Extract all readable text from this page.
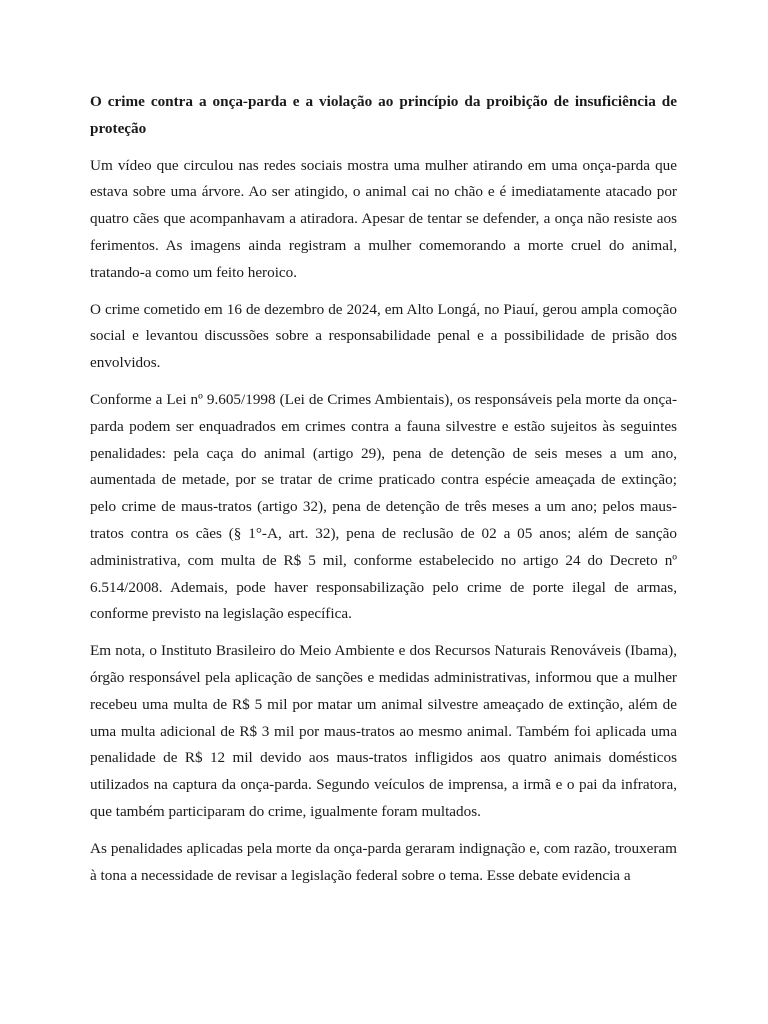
O crime contra a onça-parda e a violação ao princípio da proibição de insuficiência de proteção

Um vídeo que circulou nas redes sociais mostra uma mulher atirando em uma onça-parda que estava sobre uma árvore. Ao ser atingido, o animal cai no chão e é imediatamente atacado por quatro cães que acompanhavam a atiradora. Apesar de tentar se defender, a onça não resiste aos ferimentos. As imagens ainda registram a mulher comemorando a morte cruel do animal, tratando-a como um feito heroico.

O crime cometido em 16 de dezembro de 2024, em Alto Longá, no Piauí, gerou ampla comoção social e levantou discussões sobre a responsabilidade penal e a possibilidade de prisão dos envolvidos.

Conforme a Lei nº 9.605/1998 (Lei de Crimes Ambientais), os responsáveis pela morte da onça-parda podem ser enquadrados em crimes contra a fauna silvestre e estão sujeitos às seguintes penalidades: pela caça do animal (artigo 29), pena de detenção de seis meses a um ano, aumentada de metade, por se tratar de crime praticado contra espécie ameaçada de extinção; pelo crime de maus-tratos (artigo 32), pena de detenção de três meses a um ano; pelos maus-tratos contra os cães (§ 1°-A, art. 32), pena de reclusão de 02 a 05 anos; além de sanção administrativa, com multa de R$ 5 mil, conforme estabelecido no artigo 24 do Decreto nº 6.514/2008. Ademais, pode haver responsabilização pelo crime de porte ilegal de armas, conforme previsto na legislação específica.

Em nota, o Instituto Brasileiro do Meio Ambiente e dos Recursos Naturais Renováveis (Ibama), órgão responsável pela aplicação de sanções e medidas administrativas, informou que a mulher recebeu uma multa de R$ 5 mil por matar um animal silvestre ameaçado de extinção, além de uma multa adicional de R$ 3 mil por maus-tratos ao mesmo animal. Também foi aplicada uma penalidade de R$ 12 mil devido aos maus-tratos infligidos aos quatro animais domésticos utilizados na captura da onça-parda. Segundo veículos de imprensa, a irmã e o pai da infratora, que também participaram do crime, igualmente foram multados.

As penalidades aplicadas pela morte da onça-parda geraram indignação e, com razão, trouxeram à tona a necessidade de revisar a legislação federal sobre o tema. Esse debate evidencia a
